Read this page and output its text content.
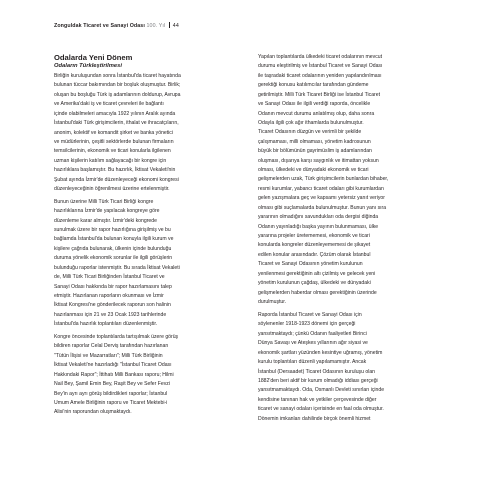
Zonguldak Ticaret ve Sanayi Odası 100. Yıl 44
Odalarda Yeni Dönem
Odaların Türkleştirilmesi

Birliğin kuruluşundan sonra İstanbul'da ticaret hayatında
bulunan tüccar bakımından bir boşluk oluşmuştur. Birlik;
oluşan bu boşluğu Türk iş adamlarının doldurup, Avrupa
ve Amerika'daki iş ve ticaret çevreleri ile bağlantı
içinde olabilmeleri amacıyla 1922 yılının Aralık ayında
İstanbul'daki Türk girişimcilerin, ithalat ve ihracatçıların,
anonim, kolektif ve komandit şirket ve banka yönetici
ve müdürlerinin, çeşitli sektörlerde bulunan firmaların
temsilcilerinin, ekonomik ve ticari konularla ilgilenen
uzman kişilerin katılım sağlayacağı bir kongre için
hazırlıklara başlamıştır. Bu hazırlık, İktisat Vekaleti'nin
Şubat ayında İzmir'de düzenleyeceği ekonomi kongresi
düzenleyeceğinin öğrenilmesi üzerine ertelenmiştir.

Bunun üzerine Milli Türk Ticari Birliği kongre
hazırlıklarına İzmir'de yapılacak kongreye göre
düzenleme karar almıştır. İzmir'deki kongrede
sunulmak üzere bir rapor hazırlığına girişilmiş ve bu
bağlamda İstanbul'da bulunan konuyla ilgili kurum ve
kişilere çağrıda bulunarak, ülkenin içinde bulunduğu
duruma yönelik ekonomik sorunlar ile ilgili görüşlerin
bulunduğu raporlar istenmiştir. Bu sırada İktisat Vekaleti
de, Milli Türk Ticari Birliğinden İstanbul Ticaret ve
Sanayi Odası hakkında bir rapor hazırlamasını talep
etmiştir. Hazırlanan raporların okunması ve İzmir
İktisat Kongresi'ne gönderilecek raporun son halinin
hazırlanması için 21 ve 23 Ocak 1923 tarihlerinde
İstanbul'da hazırlık toplantıları düzenlenmiştir.

Kongre öncesinde toplantılarda tartışılmak üzere görüş
bildiren raporlar Celal Derviş tarafından hazırlanan
"Tütün İlişisi ve Mazarratları"; Milli Türk Birliğinin
İktisat Vekaleti'ne hazırladığı "İstanbul Ticaret Odası
Hakkındaki Rapor"; İttihatı Milli Bankası raporu; Hilmi
Nail Bey, Şamil Emin Bey, Raşit Bey ve Sefer Fevzi
Bey'in ayrı ayrı görüş bildirdikleri raporlar; İstanbul
Umum Amele Birliğinin raporu ve Ticaret Mektebi-i
Alisi'nin raporundan oluşmaktaydı.

Yapılan toplantılarda ülkedeki ticaret odalarının mevcut
durumu eleştirilmiş ve İstanbul Ticaret ve Sanayi Odası
ile taşradaki ticaret odalarının yeniden yapılandırılması
gerektiği konusu katılımcılar tarafından gündeme
getirilmiştir. Milli Türk Ticaret Birliği ise İstanbul Ticaret
ve Sanayi Odası ile ilgili verdiği raporda, öncelikle
Odanın mevcut durumu anlatılmış olup, daha sonra
Odayla ilgili çok ağır ithamlarda bulunulmuştur.
Ticaret Odasının düzgün ve verimli bir şekilde
çalışmaması, milli olmaması, yönetim kadrosunun
büyük bir bölümünün gayrimüslim iş adamlarından
oluşması, dışarıya karşı saygınlık ve itimattan yoksun
olması, ülkedeki ve dünyadaki ekonomik ve ticari
gelişmelerden uzak, Türk girişimcilerin bunlardan bihaber,
resmi kurumlar, yabancı ticaret odaları gibi kurumlardan
gelen yazışmalara geç ve kapsamı yetersiz yanıt veriyor
olması gibi suçlamalarda bulunulmuştur. Bunun yanı sıra
yararının olmadığını savundukları oda dergisi diğinda
Odanın yayınladığı başka yayının bulunmaması, ülke
yararına projeler üretememesi, ekonomik ve ticari
konularda kongreler düzenleyememesi de şikayet
edilen konular arasındadır. Çözüm olarak İstanbul
Ticaret ve Sanayi Odasının yönetim kurulunun
yenilenmesi gerektiğinin altı çizilmiş ve gelecek yeni
yönetim kurulunun çağdaş, ülkedeki ve dünyadaki
gelişmelerden haberdar olması gerektiğinin üzerinde
durulmuştur.

Raporda İstanbul Ticaret ve Sanayi Odası için
söylenenler 1918-1923 dönemi için gerçeği
yansıtmaktaydı; çünkü Odanın faaliyetleri Birinci
Dünya Savaşı ve Ateşkes yıllarının ağır siyasi ve
ekonomik şartları yüzünden kesintiye uğramış, yönetim
kurulu toplantıları düzenli yapılamamıştır. Ancak
İstanbul (Dersaadet) Ticaret Odasının kuruluşu olan
1882'den beri aktif bir kurum olmadığı iddiası gerçeği
yansıtmamaktaydı. Oda, Osmanlı Devleti sınırları içinde
kendisine tanınan hak ve yetkiler çerçevesinde diğer
ticaret ve sanayi odaları içerisinde en faal oda olmuştur.
Dönemin imkanları dahilinde birçok önemli hizmet
